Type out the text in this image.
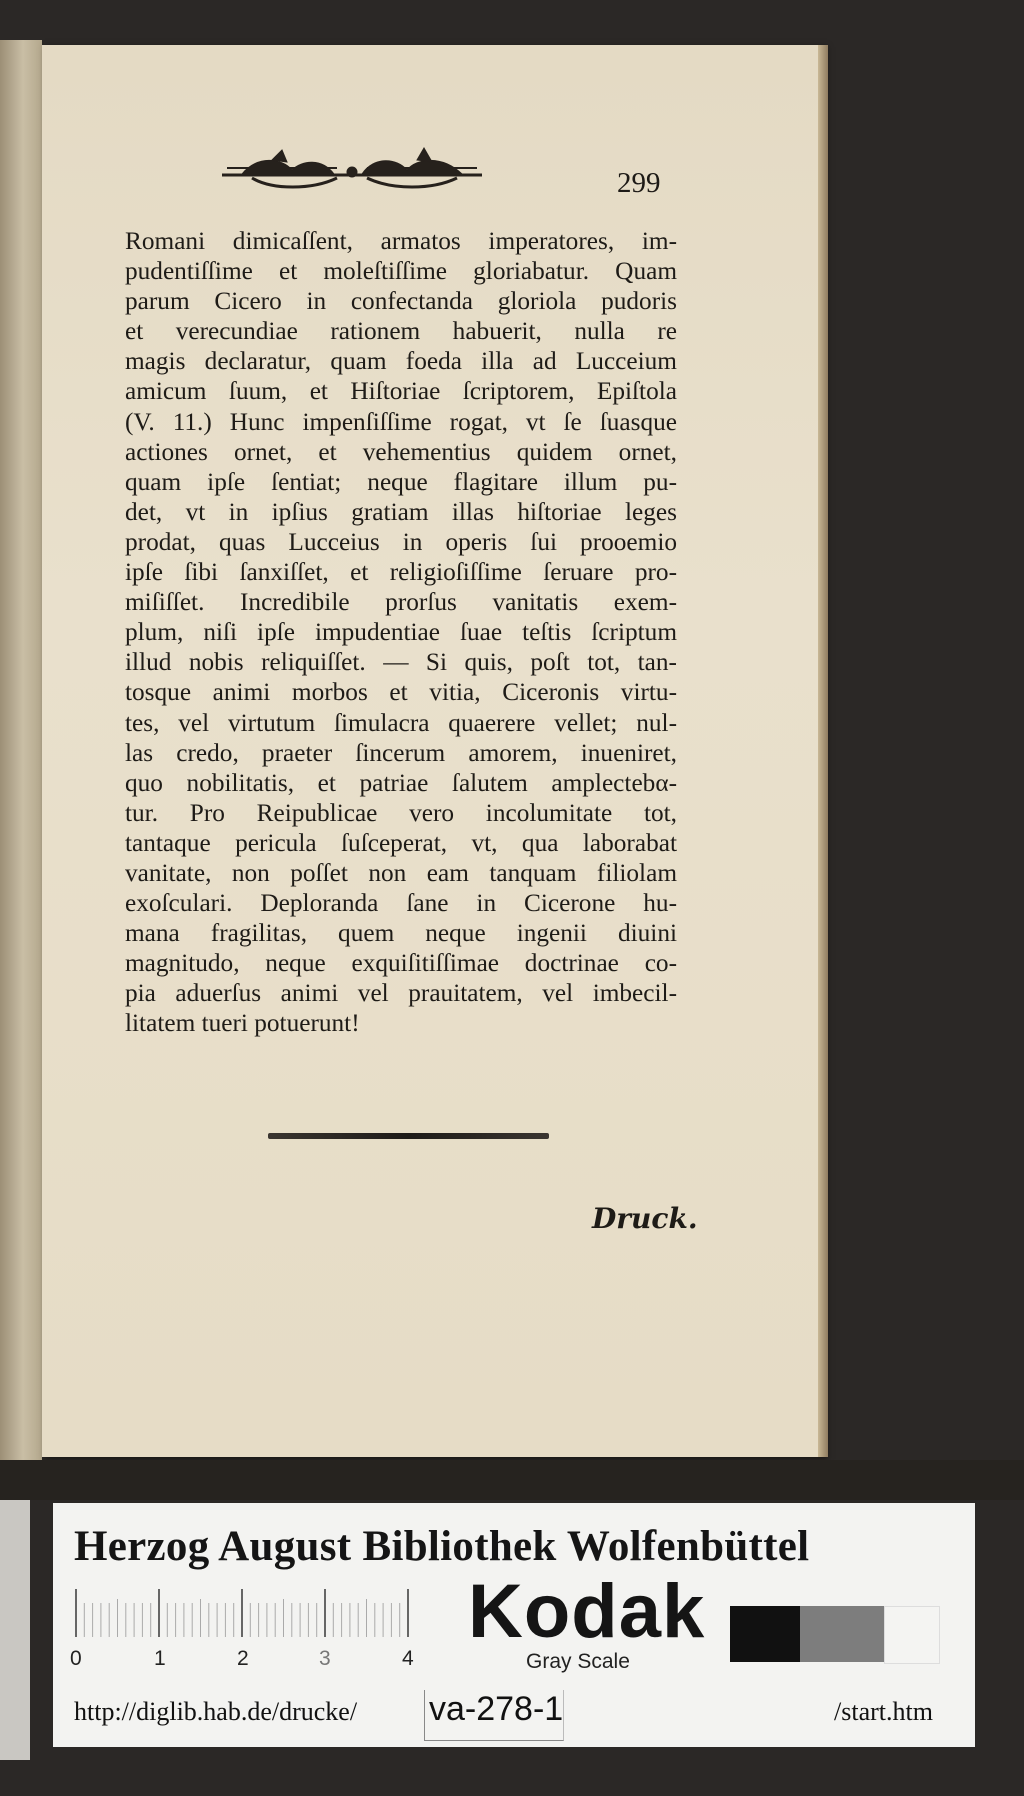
299
Romani dimicaſſent, armatos imperatores, im-
pudentiſſime et moleſtiſſime gloriabatur. Quam
parum Cicero in confectanda gloriola pudoris
et verecundiae rationem habuerit, nulla re
magis declaratur, quam foeda illa ad Lucceium
amicum ſuum, et Hiſtoriae ſcriptorem, Epiſtola
(V. 11.) Hunc impenſiſſime rogat, vt ſe ſuasque
actiones ornet, et vehementius quidem ornet,
quam ipſe ſentiat; neque flagitare illum pu-
det, vt in ipſius gratiam illas hiſtoriae leges
prodat, quas Lucceius in operis ſui prooemio
ipſe ſibi ſanxiſſet, et religioſiſſime ſeruare pro-
miſiſſet. Incredibile prorſus vanitatis exem-
plum, niſi ipſe impudentiae ſuae teſtis ſcriptum
illud nobis reliquiſſet. — Si quis, poſt tot, tan-
tosque animi morbos et vitia, Ciceronis virtu-
tes, vel virtutum ſimulacra quaerere vellet; nul-
las credo, praeter ſincerum amorem, inueniret,
quo nobilitatis, et patriae ſalutem amplectebα-
tur. Pro Reipublicae vero incolumitate tot,
tantaque pericula ſuſceperat, vt, qua laborabat
vanitate, non poſſet non eam tanquam filiolam
exoſculari. Deploranda ſane in Cicerone hu-
mana fragilitas, quem neque ingenii diuini
magnitudo, neque exquiſitiſſimae doctrinae co-
pia aduerſus animi vel prauitatem, vel imbecil-
litatem tueri potuerunt!
Druck.
Herzog August Bibliothek Wolfenbüttel
0	1	2	3	4
Kodak
Gray Scale
http://diglib.hab.de/drucke/ va-278-1	/start.htm
